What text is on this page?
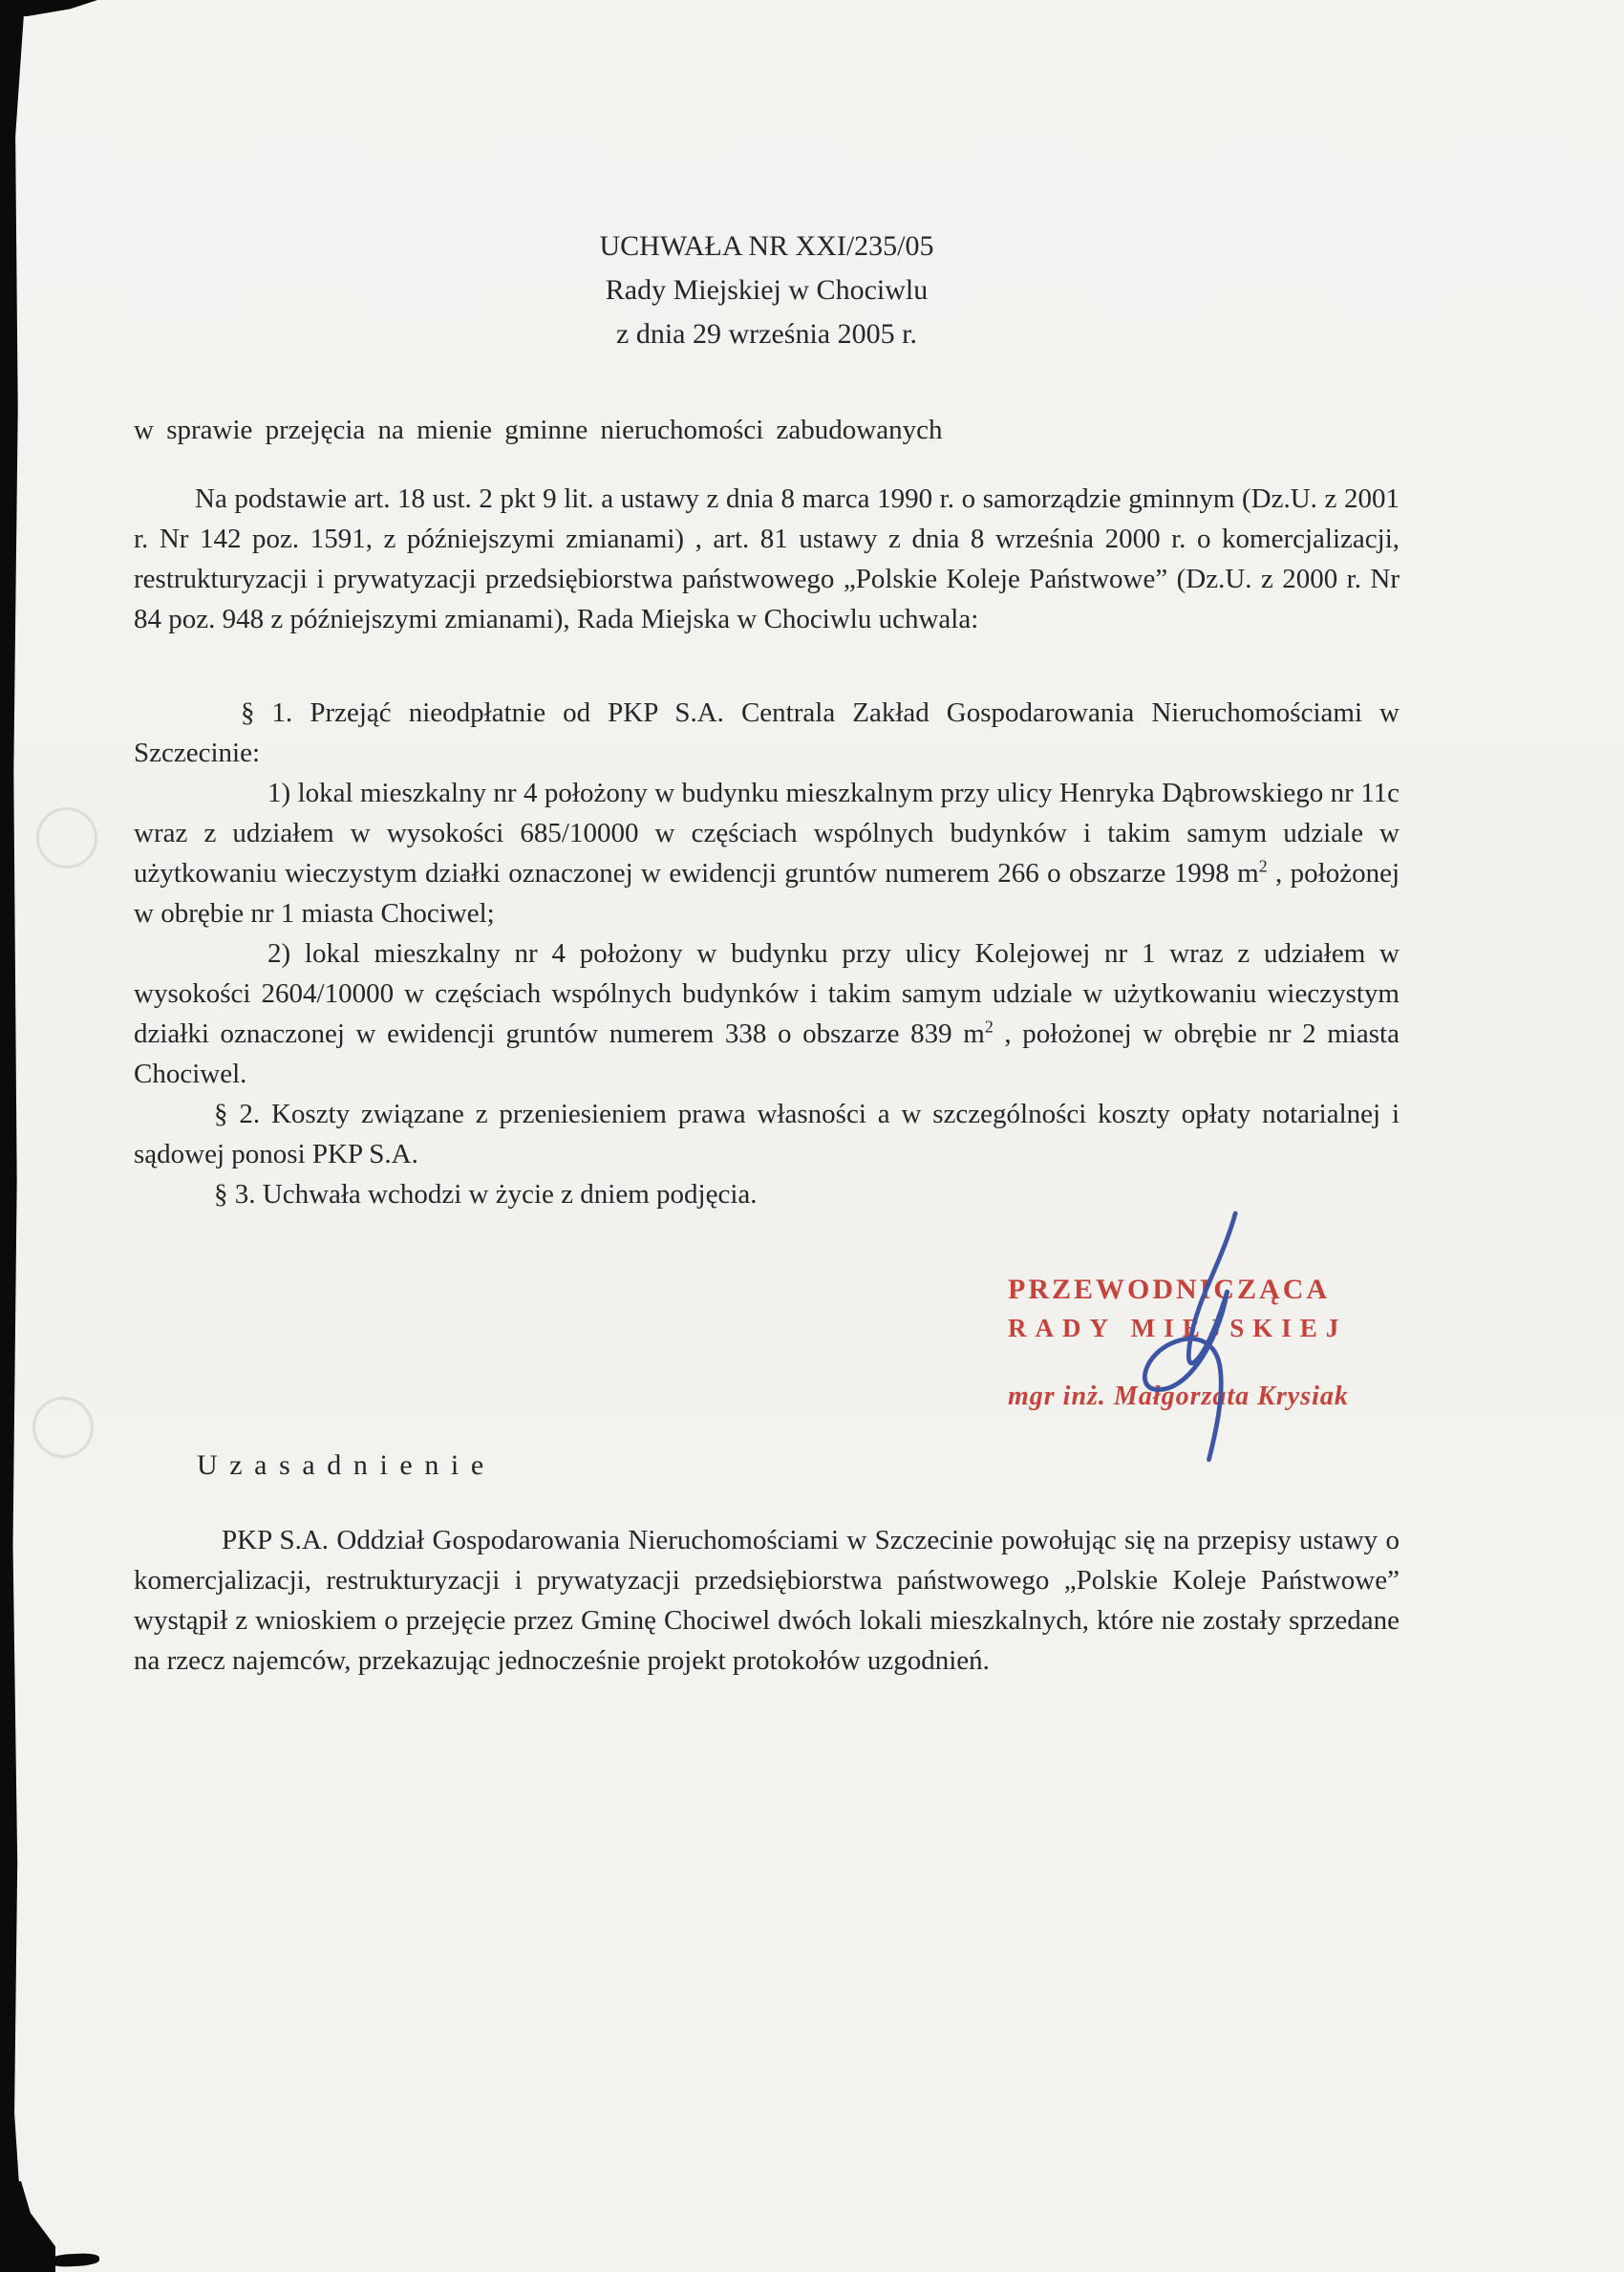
UCHWAŁA NR XXI/235/05
Rady Miejskiej w Chociwlu
z dnia 29 września 2005 r.

w sprawie przejęcia na mienie gminne nieruchomości zabudowanych

Na podstawie art. 18 ust. 2 pkt 9 lit. a ustawy z dnia 8 marca 1990 r. o samorządzie gminnym (Dz.U. z 2001 r. Nr 142 poz. 1591, z późniejszymi zmianami) , art. 81 ustawy z dnia 8 września 2000 r. o komercjalizacji, restrukturyzacji i prywatyzacji przedsiębiorstwa państwowego „Polskie Koleje Państwowe” (Dz.U. z 2000 r. Nr 84 poz. 948 z późniejszymi zmianami), Rada Miejska w Chociwlu uchwala:

§ 1. Przejąć nieodpłatnie od PKP S.A. Centrala Zakład Gospodarowania Nieruchomościami w Szczecinie:

1) lokal mieszkalny nr 4 położony w budynku mieszkalnym przy ulicy Henryka Dąbrowskiego nr 11c wraz z udziałem w wysokości 685/10000 w częściach wspólnych budynków i takim samym udziale w użytkowaniu wieczystym działki oznaczonej w ewidencji gruntów numerem 266 o obszarze 1998 $m^2$ , położonej w obrębie nr 1 miasta Chociwel;

2) lokal mieszkalny nr 4 położony w budynku przy ulicy Kolejowej nr 1 wraz z udziałem w wysokości 2604/10000 w częściach wspólnych budynków i takim samym udziale w użytkowaniu wieczystym działki oznaczonej w ewidencji gruntów numerem 338 o obszarze 839 $m^2$ , położonej w obrębie nr 2 miasta Chociwel.

§ 2. Koszty związane z przeniesieniem prawa własności a w szczególności koszty opłaty notarialnej i sądowej ponosi PKP S.A.

§ 3. Uchwała wchodzi w życie z dniem podjęcia.

PRZEWODNICZĄCA
RADY MIEJSKIEJ
mgr inż. Małgorzata Krysiak
Uzasadnienie

PKP S.A. Oddział Gospodarowania Nieruchomościami w Szczecinie powołując się na przepisy ustawy o komercjalizacji, restrukturyzacji i prywatyzacji przedsiębiorstwa państwowego „Polskie Koleje Państwowe” wystąpił z wnioskiem o przejęcie przez Gminę Chociwel dwóch lokali mieszkalnych, które nie zostały sprzedane na rzecz najemców, przekazując jednocześnie projekt protokołów uzgodnień.
